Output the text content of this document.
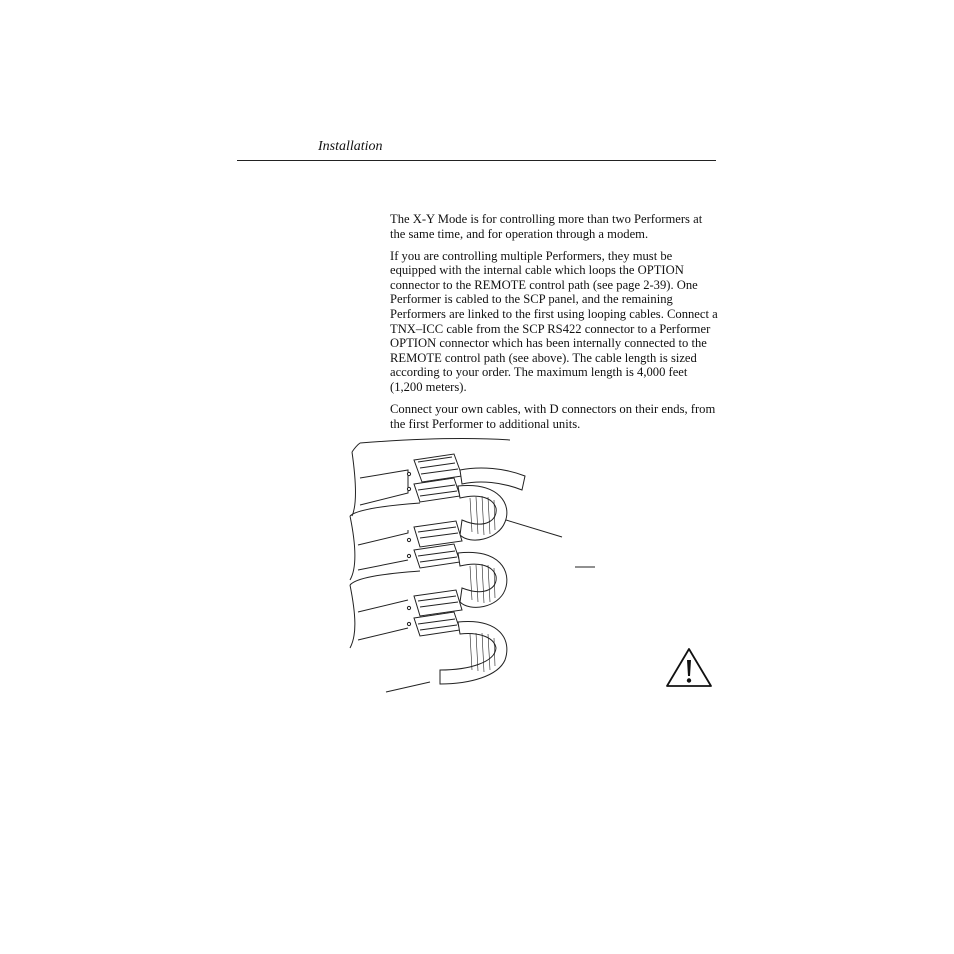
Installation

The X-Y Mode is for controlling more than two Performers at the same time, and for operation through a modem.

If you are controlling multiple Performers, they must be equipped with the internal cable which loops the OPTION connector to the REMOTE control path (see page 2-39). One Performer is cabled to the SCP panel, and the remaining Performers are linked to the first using looping cables. Connect a TNX–ICC cable from the SCP RS422 connector to a Performer OPTION connector which has been internally connected to the REMOTE control path (see above). The cable length is sized according to your order. The maximum length is 4,000 feet (1,200 meters).

Connect your own cables, with D connectors on their ends, from the first Performer to additional units.
